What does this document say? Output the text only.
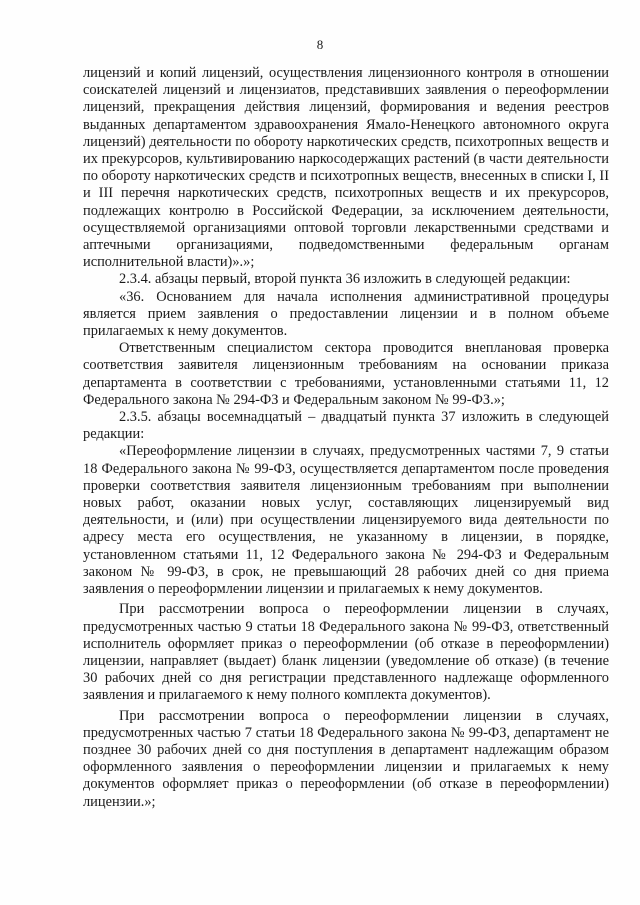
8

лицензий и копий лицензий, осуществления лицензионного контроля в отношении соискателей лицензий и лицензиатов, представивших заявления о переоформлении лицензий, прекращения действия лицензий, формирования и ведения реестров выданных департаментом здравоохранения Ямало-Ненецкого автономного округа лицензий) деятельности по обороту наркотических средств, психотропных веществ и их прекурсоров, культивированию наркосодержащих растений (в части деятельности по обороту наркотических средств и психотропных веществ, внесенных в списки I, II и III перечня наркотических средств, психотропных веществ и их прекурсоров, подлежащих контролю в Российской Федерации, за исключением деятельности, осуществляемой организациями оптовой торговли лекарственными средствами и аптечными организациями, подведомственными федеральным органам исполнительной власти)».»;

2.3.4. абзацы первый, второй пункта 36 изложить в следующей редакции:

«36. Основанием для начала исполнения административной процедуры является прием заявления о предоставлении лицензии и в полном объеме прилагаемых к нему документов.

Ответственным специалистом сектора проводится внеплановая проверка соответствия заявителя лицензионным требованиям на основании приказа департамента в соответствии с требованиями, установленными статьями 11, 12 Федерального закона № 294-ФЗ и Федеральным законом № 99-ФЗ.»;

2.3.5. абзацы восемнадцатый – двадцатый пункта 37 изложить в следующей редакции:

«Переоформление лицензии в случаях, предусмотренных частями 7, 9 статьи 18 Федерального закона № 99-ФЗ, осуществляется департаментом после проведения проверки соответствия заявителя лицензионным требованиям при выполнении новых работ, оказании новых услуг, составляющих лицензируемый вид деятельности, и (или) при осуществлении лицензируемого вида деятельности по адресу места его осуществления, не указанному в лицензии, в порядке, установленном статьями 11, 12 Федерального закона № 294-ФЗ и Федеральным законом № 99-ФЗ, в срок, не превышающий 28 рабочих дней со дня приема заявления о переоформлении лицензии и прилагаемых к нему документов.

При рассмотрении вопроса о переоформлении лицензии в случаях, предусмотренных частью 9 статьи 18 Федерального закона № 99-ФЗ, ответственный исполнитель оформляет приказ о переоформлении (об отказе в переоформлении) лицензии, направляет (выдает) бланк лицензии (уведомление об отказе) (в течение 30 рабочих дней со дня регистрации представленного надлежаще оформленного заявления и прилагаемого к нему полного комплекта документов).

При рассмотрении вопроса о переоформлении лицензии в случаях, предусмотренных частью 7 статьи 18 Федерального закона № 99-ФЗ, департамент не позднее 30 рабочих дней со дня поступления в департамент надлежащим образом оформленного заявления о переоформлении лицензии и прилагаемых к нему документов оформляет приказ о переоформлении (об отказе в переоформлении) лицензии.»;
